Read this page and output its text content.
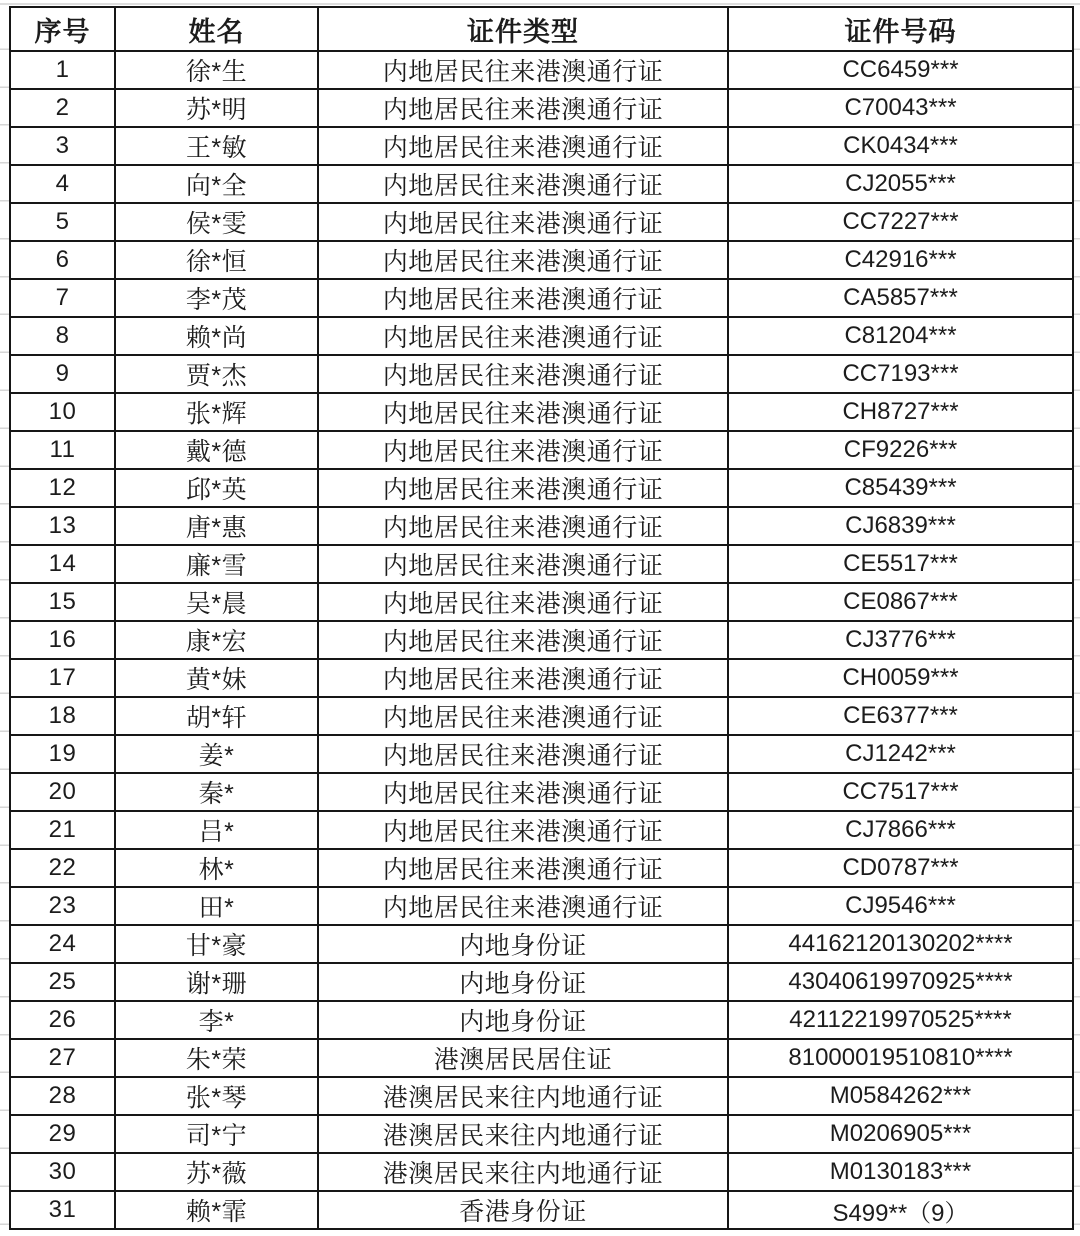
序号	姓名	证件类型	证件号码
1	徐*生	内地居民往来港澳通行证	CC6459***
2	苏*明	内地居民往来港澳通行证	C70043***
3	王*敏	内地居民往来港澳通行证	CK0434***
4	向*全	内地居民往来港澳通行证	CJ2055***
5	侯*雯	内地居民往来港澳通行证	CC7227***
6	徐*恒	内地居民往来港澳通行证	C42916***
7	李*茂	内地居民往来港澳通行证	CA5857***
8	赖*尚	内地居民往来港澳通行证	C81204***
9	贾*杰	内地居民往来港澳通行证	CC7193***
10	张*辉	内地居民往来港澳通行证	CH8727***
11	戴*德	内地居民往来港澳通行证	CF9226***
12	邱*英	内地居民往来港澳通行证	C85439***
13	唐*惠	内地居民往来港澳通行证	CJ6839***
14	廉*雪	内地居民往来港澳通行证	CE5517***
15	吴*晨	内地居民往来港澳通行证	CE0867***
16	康*宏	内地居民往来港澳通行证	CJ3776***
17	黄*妹	内地居民往来港澳通行证	CH0059***
18	胡*轩	内地居民往来港澳通行证	CE6377***
19	姜*	内地居民往来港澳通行证	CJ1242***
20	秦*	内地居民往来港澳通行证	CC7517***
21	吕*	内地居民往来港澳通行证	CJ7866***
22	林*	内地居民往来港澳通行证	CD0787***
23	田*	内地居民往来港澳通行证	CJ9546***
24	甘*豪	内地身份证	44162120130202****
25	谢*珊	内地身份证	43040619970925****
26	李*	内地身份证	42112219970525****
27	朱*荣	港澳居民居住证	81000019510810****
28	张*琴	港澳居民来往内地通行证	M0584262***
29	司*宁	港澳居民来往内地通行证	M0206905***
30	苏*薇	港澳居民来往内地通行证	M0130183***
31	赖*霏	香港身份证	S499**（9）
